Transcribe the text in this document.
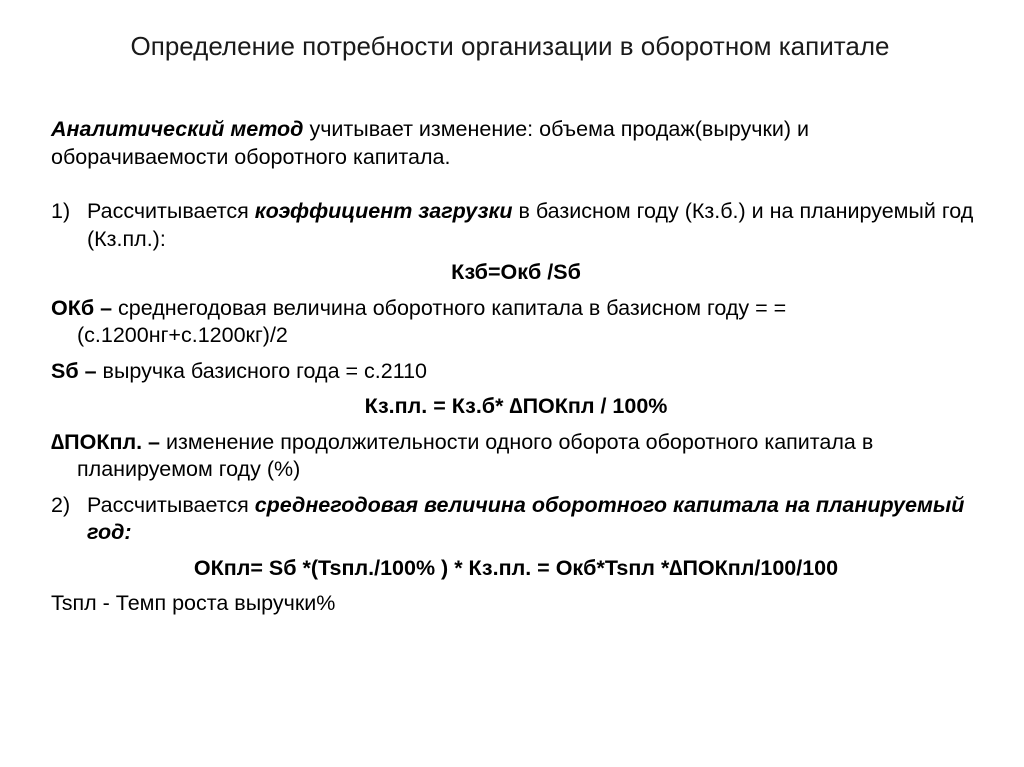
Определение потребности организации в оборотном капитале

Аналитический метод учитывает изменение: объема продаж(выручки) и оборачиваемости оборотного капитала.

1) Рассчитывается коэффициент загрузки в базисном году (Кз.б.) и на планируемый год (Кз.пл.):

Кзб=Окб /Sб

ОКб – среднегодовая величина оборотного капитала в базисном году = =(с.1200нг+с.1200кг)/2

Sб – выручка базисного года = с.2110

Кз.пл. = Кз.б* ∆ПОКпл / 100%

∆ПОКпл. – изменение продолжительности одного оборота оборотного капитала в планируемом году (%)

2) Рассчитывается среднегодовая величина оборотного капитала на планируемый год:

ОКпл= Sб *(Tsпл./100% ) * Кз.пл. = Окб*Tsпл *∆ПОКпл/100/100

Tsпл - Темп роста выручки%
